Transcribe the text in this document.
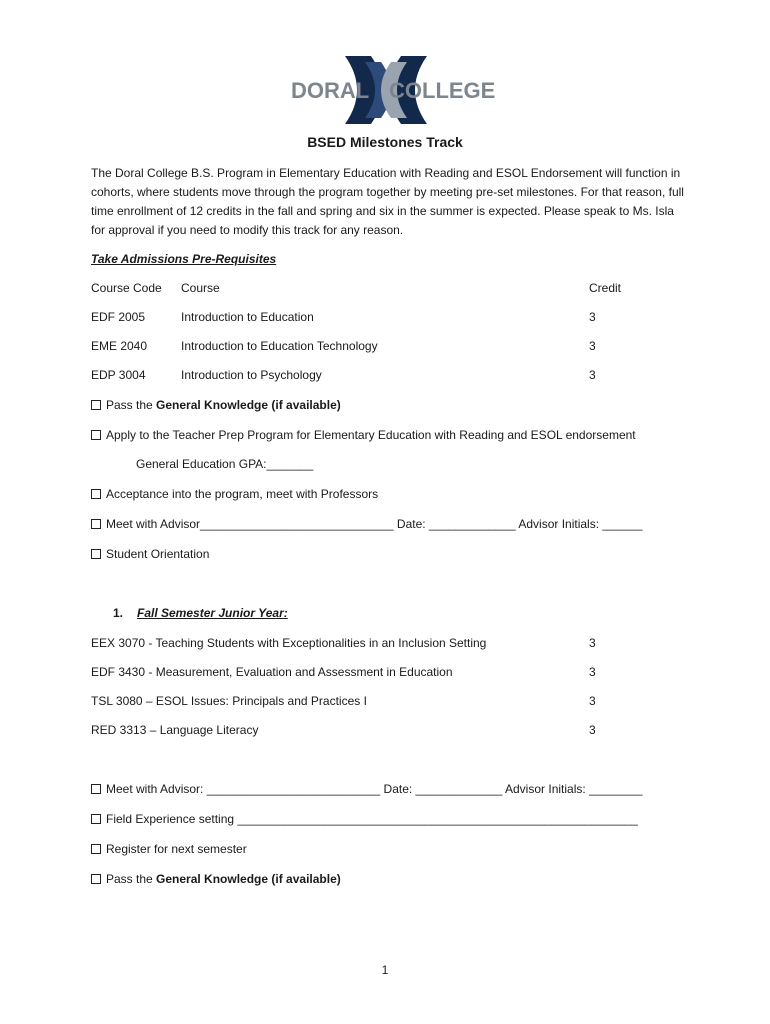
DORAL COLLEGE
BSED Milestones Track
The Doral College B.S. Program in Elementary Education with Reading and ESOL Endorsement will function in cohorts, where students move through the program together by meeting pre-set milestones. For that reason, full time enrollment of 12 credits in the fall and spring and six in the summer is expected. Please speak to Ms. Isla for approval if you need to modify this track for any reason.
Take Admissions Pre-Requisites
Course Code Course	Credit
EDF 2005	Introduction to Education	3
EME 2040	Introduction to Education Technology	3
EDP 3004	Introduction to Psychology	3
Pass the General Knowledge (if available)
Apply to the Teacher Prep Program for Elementary Education with Reading and ESOL endorsement
General Education GPA:_______
Acceptance into the program, meet with Professors
Meet with Advisor_____________________________ Date: _____________ Advisor Initials: ______
Student Orientation
1. Fall Semester Junior Year:
EEX 3070 - Teaching Students with Exceptionalities in an Inclusion Setting	3
EDF 3430 - Measurement, Evaluation and Assessment in Education	3
TSL 3080 – ESOL Issues: Principals and Practices I	3
RED 3313 – Language Literacy	3
Meet with Advisor: __________________________ Date: _____________ Advisor Initials: ________
Field Experience setting ____________________________________________________________
Register for next semester
Pass the General Knowledge (if available)
1
